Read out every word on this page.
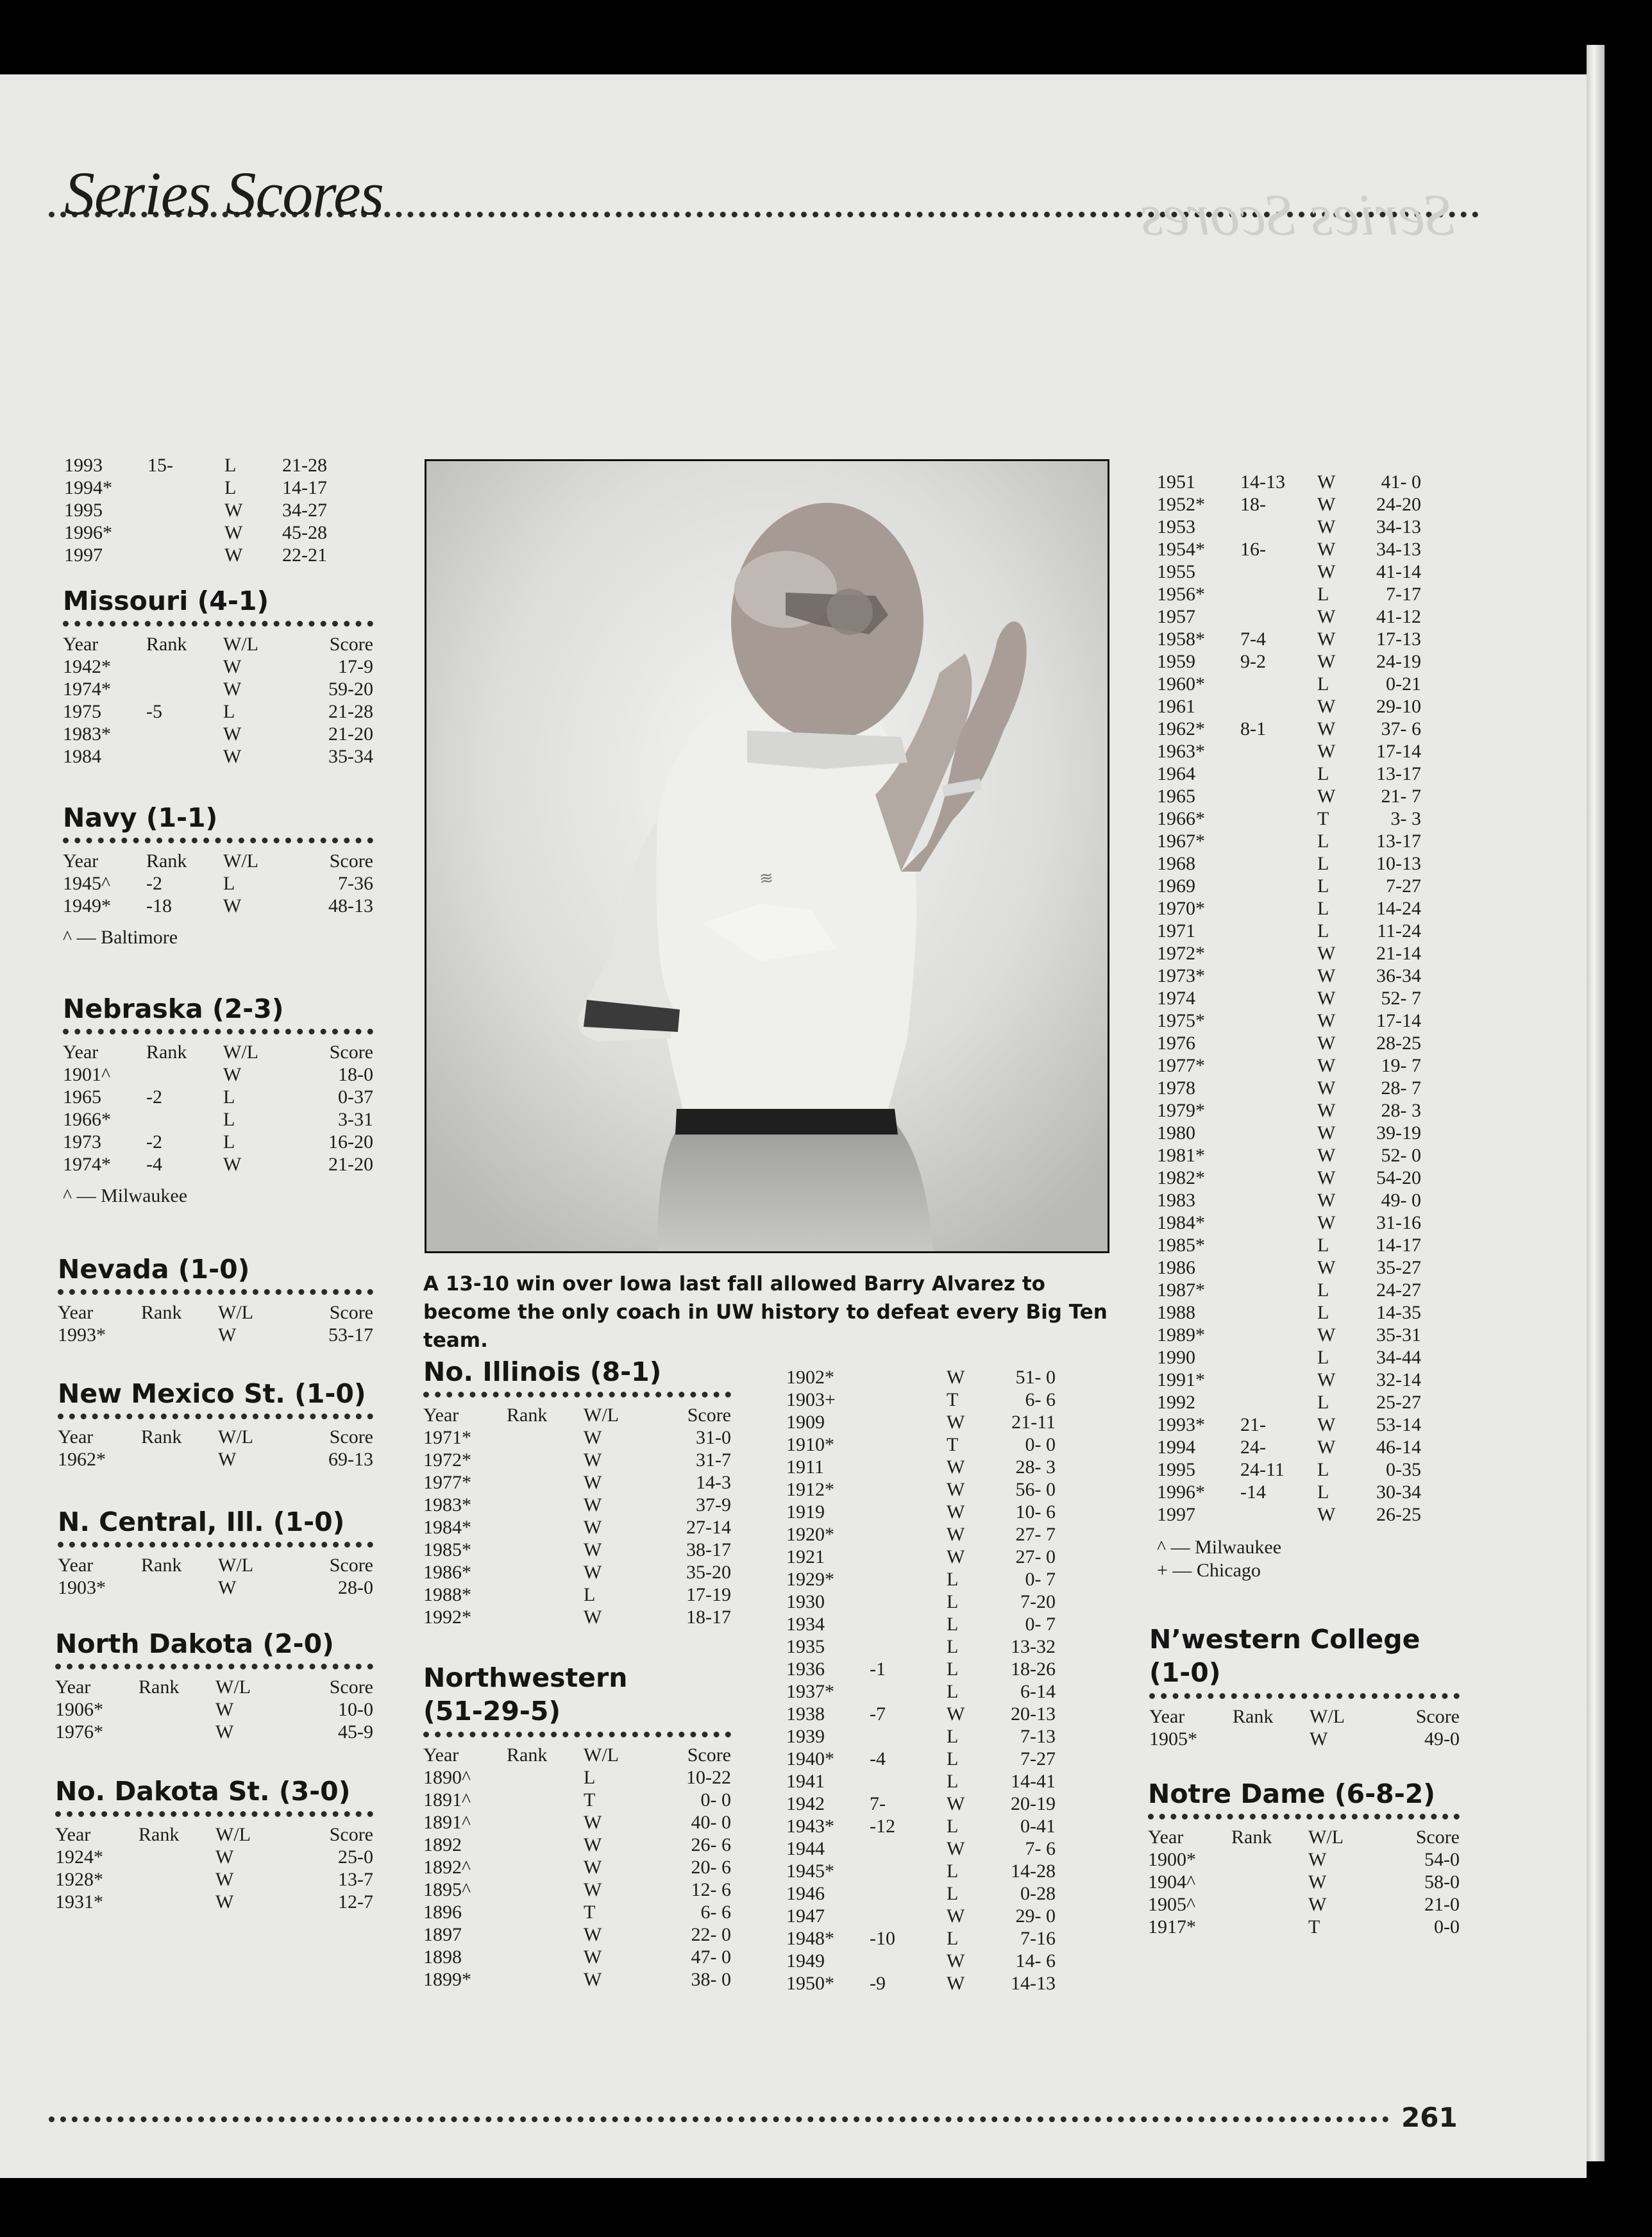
Series Scores
Series Scores
1993 15-	L 21-28
1994*	L 14-17
1995	W 34-27
1996*	W 45-28
1997	W 22-21
Missouri (4-1)
Year Rank W/L	Score
1942*	W	17-9
1974*	W	59-20
1975 -5	L	21-28
1983*	W	21-20
1984	W	35-34
Navy (1-1)
Year Rank W/L	Score
1945^ -2	L	7-36
1949* -18	W	48-13
^ — Baltimore
Nebraska (2-3)
Year Rank W/L	Score
1901^	W	18-0
1965 -2	L	0-37
1966*	L	3-31
1973 -2	L	16-20
1974* -4	W	21-20
^ — Milwaukee
Nevada (1-0)
Year Rank W/L	Score
1993*	W	53-17
New Mexico St. (1-0)
Year Rank W/L	Score
1962*	W	69-13
N. Central, Ill. (1-0)
Year Rank W/L	Score
1903*	W	28-0
North Dakota (2-0)
Year Rank W/L	Score
1906*	W	10-0
1976*	W	45-9
No. Dakota St. (3-0)
Year Rank W/L	Score
1924*	W	25-0
1928*	W	13-7
1931*	W	12-7
≋
A 13-10 win over Iowa last fall allowed Barry Alvarez to become the only coach in UW history to defeat every Big Ten team.
No. Illinois (8-1)
Year Rank W/L	Score
1971*	W	31-0
1972*	W	31-7
1977*	W	14-3
1983*	W	37-9
1984*	W	27-14
1985*	W	38-17
1986*	W	35-20
1988*	L	17-19
1992*	W	18-17
Northwestern (51-29-5)
Year Rank W/L	Score
1890^	L	10-22
1891^	T	0- 0
1891^	W	40- 0
1892	W	26- 6
1892^	W	20- 6
1895^	W	12- 6
1896	T	6- 6
1897	W	22- 0
1898	W	47- 0
1899*	W	38- 0
1902*	W	51- 0
1903+	T	6- 6
1909	W 21-11
1910*	T	0- 0
1911	W	28- 3
1912*	W	56- 0
1919	W	10- 6
1920*	W	27- 7
1921	W	27- 0
1929*	L	0- 7
1930	L	7-20
1934	L	0- 7
1935	L	13-32
1936 -1	L	18-26
1937*	L	6-14
1938 -7	W 20-13
1939	L	7-13
1940* -4	L	7-27
1941	L	14-41
1942 7-	W 20-19
1943* -12	L	0-41
1944	W	7- 6
1945*	L	14-28
1946	L	0-28
1947	W	29- 0
1948* -10	L	7-16
1949	W	14- 6
1950* -9	W 14-13
1951 14-13 W 41- 0
1952* 18-	W 24-20
1953	W 34-13
1954* 16-	W 34-13
1955	W 41-14
1956*	L	7-17
1957	W 41-12
1958* 7-4	W 17-13
1959 9-2	W 24-19
1960*	L	0-21
1961	W 29-10
1962* 8-1	W 37- 6
1963*	W 17-14
1964	L 13-17
1965	W 21- 7
1966*	T	3- 3
1967*	L 13-17
1968	L 10-13
1969	L	7-27
1970*	L 14-24
1971	L 11-24
1972*	W 21-14
1973*	W 36-34
1974	W 52- 7
1975*	W 17-14
1976	W 28-25
1977*	W 19- 7
1978	W 28- 7
1979*	W 28- 3
1980	W 39-19
1981*	W 52- 0
1982*	W 54-20
1983	W 49- 0
1984*	W 31-16
1985*	L 14-17
1986	W 35-27
1987*	L 24-27
1988	L 14-35
1989*	W 35-31
1990	L 34-44
1991*	W 32-14
1992	L 25-27
1993* 21-	W 53-14
1994 24-	W 46-14
1995 24-11 L	0-35
1996* -14	L 30-34
1997	W 26-25
^ — Milwaukee
+ — Chicago
N’western College (1-0)
Year Rank W/L	Score
1905*	W	49-0
Notre Dame (6-8-2)
Year Rank W/L	Score
1900*	W	54-0
1904^	W	58-0
1905^	W	21-0
1917*	T	0-0
261
